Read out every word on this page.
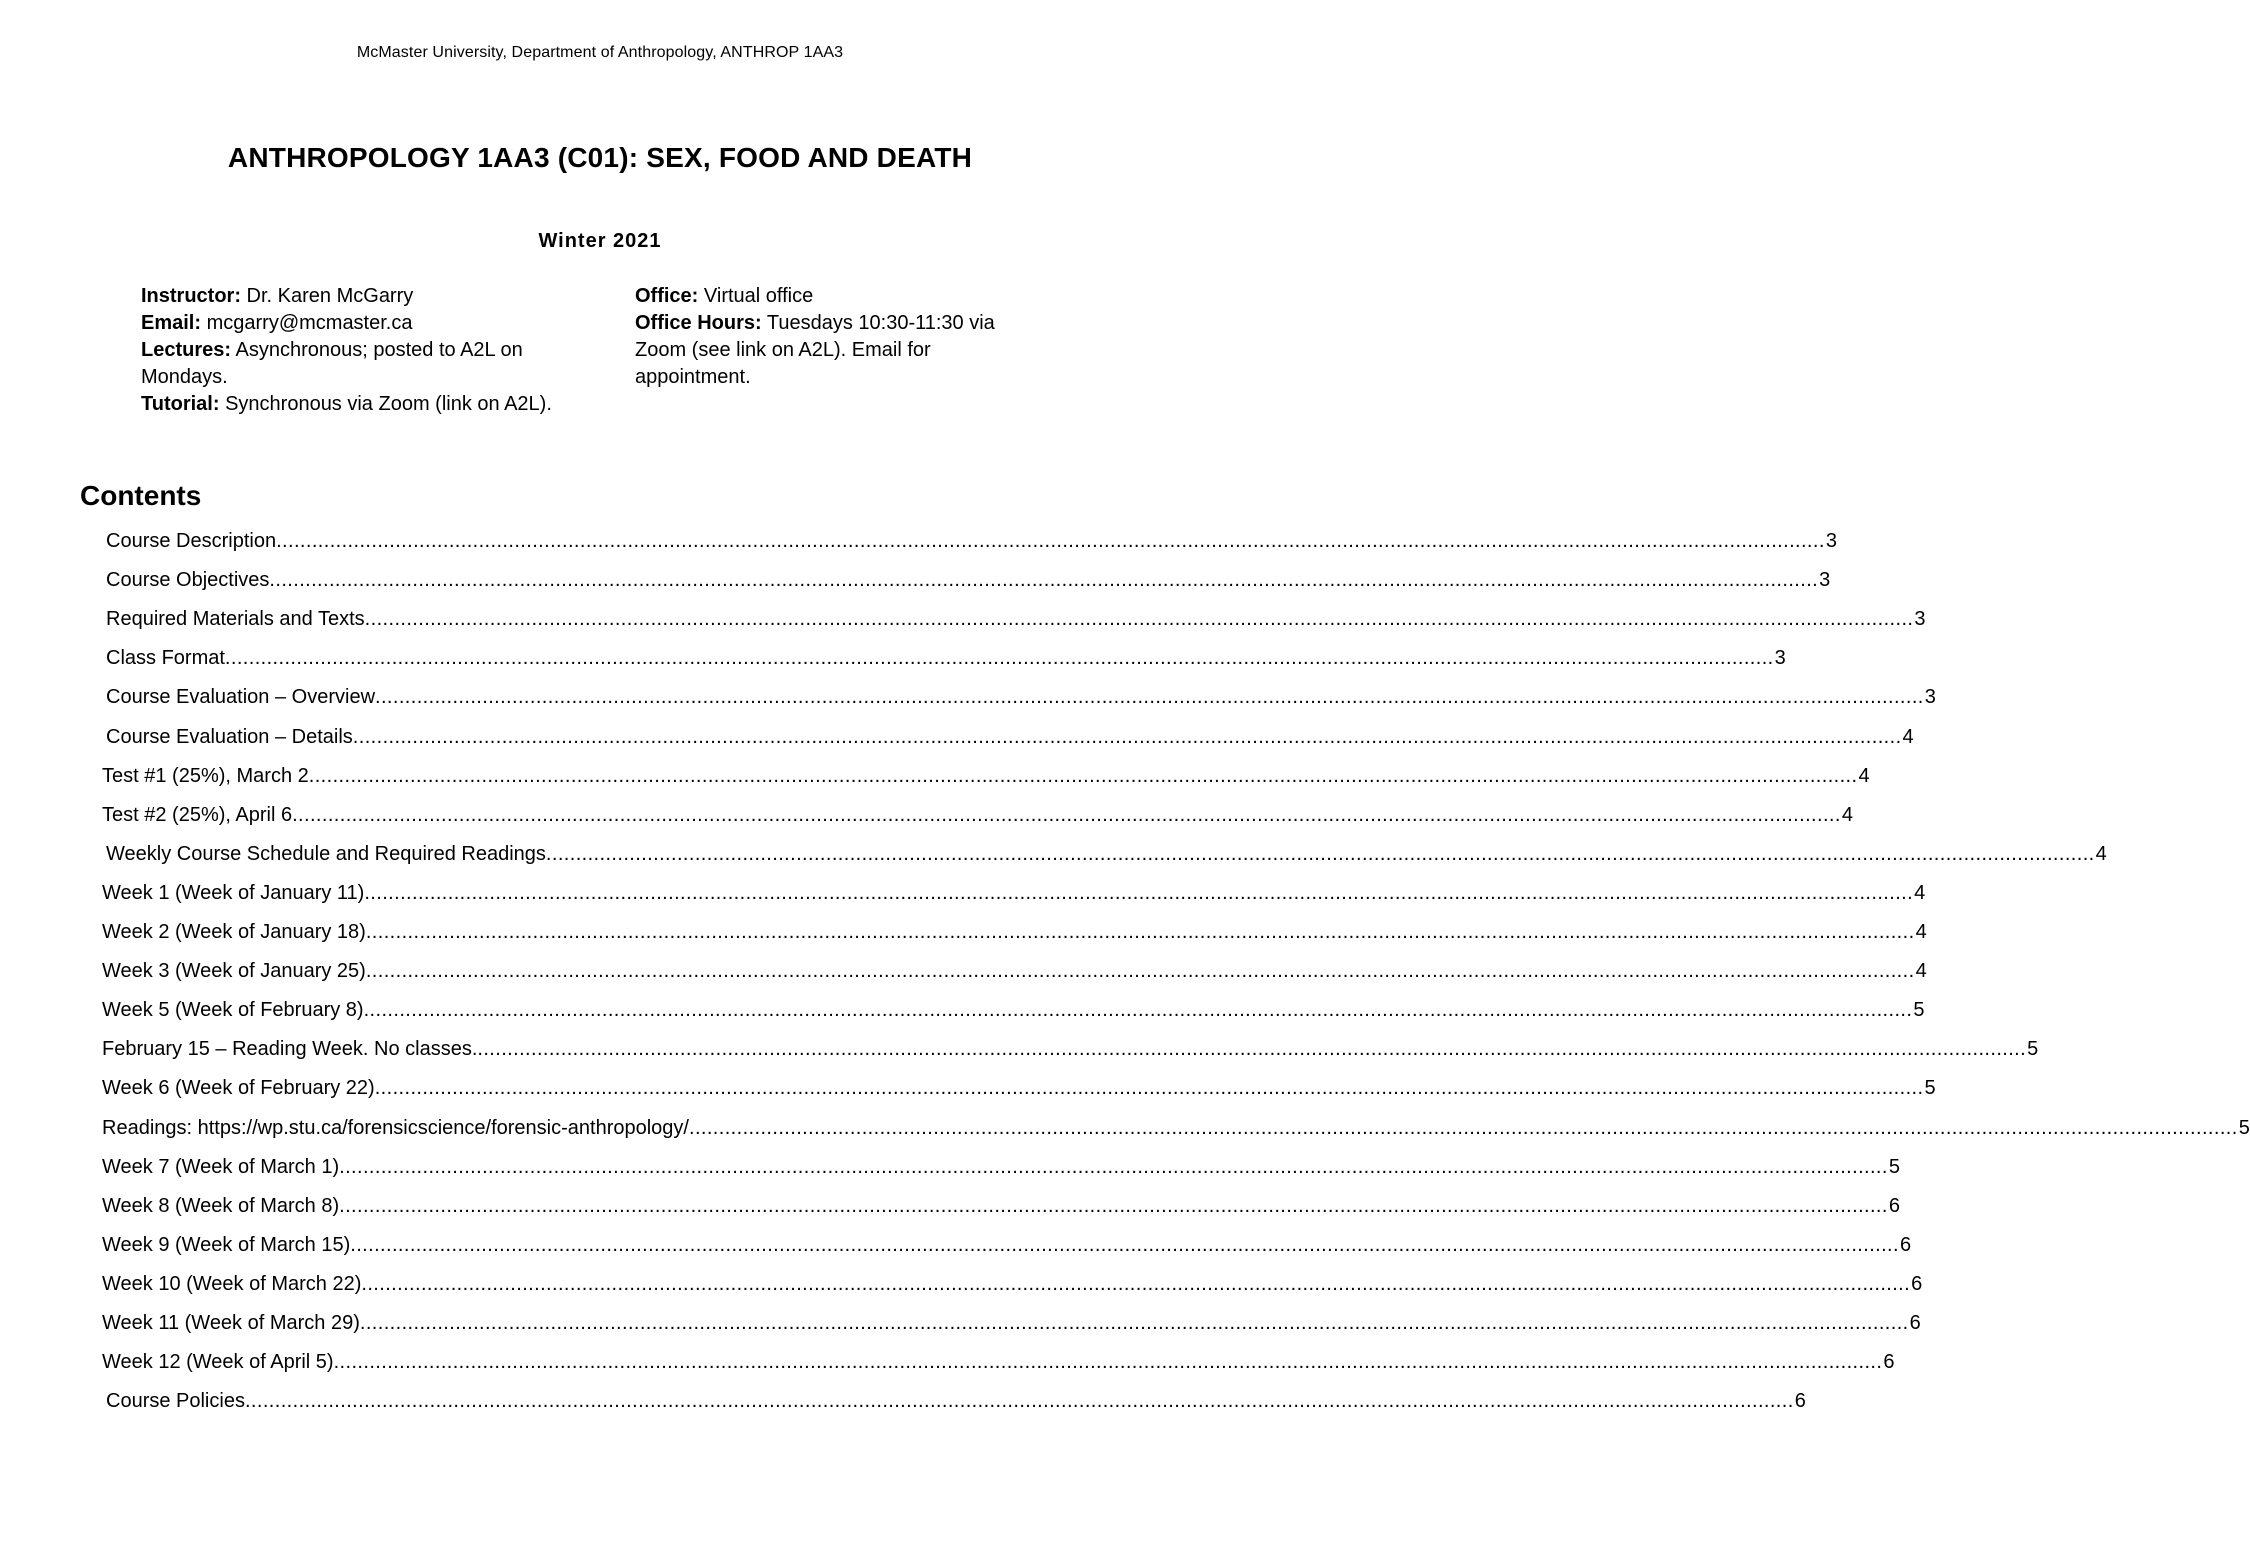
McMaster University, Department of Anthropology, ANTHROP 1AA3
ANTHROPOLOGY 1AA3 (C01): SEX, FOOD AND DEATH
Winter 2021
Instructor: Dr. Karen McGarry
Email: mcgarry@mcmaster.ca
Lectures: Asynchronous; posted to A2L on Mondays.
Tutorial: Synchronous via Zoom (link on A2L).
Office: Virtual office
Office Hours: Tuesdays 10:30-11:30 via Zoom (see link on A2L). Email for appointment.
Contents
Course Description .................................................................................................................................................................................................................................................................... 3
Course Objectives .................................................................................................................................................................................................................................................................... 3
Required Materials and Texts .................................................................................................................................................................................................................................................................... 3
Class Format .................................................................................................................................................................................................................................................................... 3
Course Evaluation – Overview .................................................................................................................................................................................................................................................................... 3
Course Evaluation – Details .................................................................................................................................................................................................................................................................... 4
Test #1 (25%), March 2 .................................................................................................................................................................................................................................................................... 4
Test #2 (25%), April 6 .................................................................................................................................................................................................................................................................... 4
Weekly Course Schedule and Required Readings .................................................................................................................................................................................................................................................................... 4
Week 1 (Week of January 11) .................................................................................................................................................................................................................................................................... 4
Week 2 (Week of January 18) .................................................................................................................................................................................................................................................................... 4
Week 3 (Week of January 25) .................................................................................................................................................................................................................................................................... 4
Week 5 (Week of February 8) .................................................................................................................................................................................................................................................................... 5
February 15 – Reading Week. No classes. .................................................................................................................................................................................................................................................................... 5
Week 6 (Week of February 22) .................................................................................................................................................................................................................................................................... 5
Readings: https://wp.stu.ca/forensicscience/forensic-anthropology/ .................................................................................................................................................................................................................................................................... 5
Week 7 (Week of March 1) .................................................................................................................................................................................................................................................................... 5
Week 8 (Week of March 8) .................................................................................................................................................................................................................................................................... 6
Week 9 (Week of March 15) .................................................................................................................................................................................................................................................................... 6
Week 10 (Week of March 22) .................................................................................................................................................................................................................................................................... 6
Week 11 (Week of March 29) .................................................................................................................................................................................................................................................................... 6
Week 12 (Week of April 5) .................................................................................................................................................................................................................................................................... 6
Course Policies .................................................................................................................................................................................................................................................................... 6
